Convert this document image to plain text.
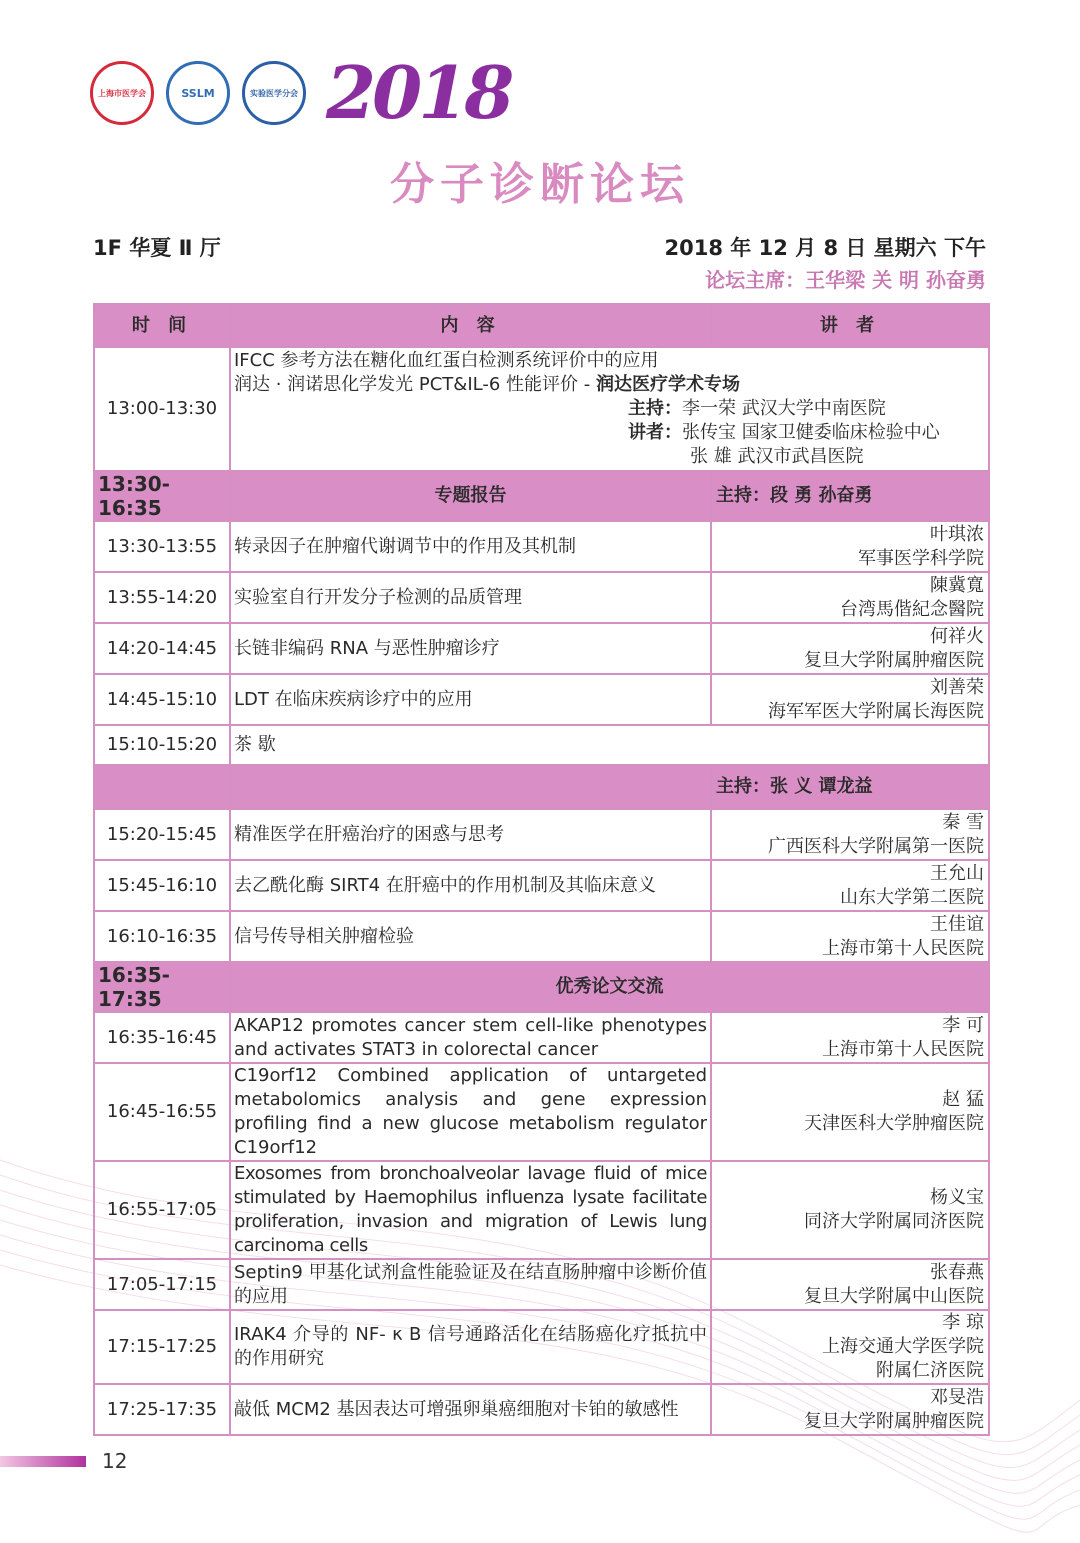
上海市医学会	SSLM	实验医学分会 2018
分子诊断论坛
1F 华夏 Ⅱ 厅	2018 年 12 月 8 日 星期六 下午
论坛主席：王华梁 关 明 孙奋勇
时 间	内 容	讲 者
13:00-13:30	IFCC 参考方法在糖化血红蛋白检测系统评价中的应用
润达 · 润诺思化学发光 PCT&IL-6 性能评价 - 润达医疗学术专场
主持：李一荣 武汉大学中南医院
讲者：张传宝 国家卫健委临床检验中心
张 雄 武汉市武昌医院	

13:30-16:35	专题报告	主持：段 勇 孙奋勇
13:30-13:55	转录因子在肿瘤代谢调节中的作用及其机制	叶琪浓
军事医学科学院

13:55-14:20	实验室自行开发分子检测的品质管理	陳冀寬
台湾馬偕紀念醫院

14:20-14:45	长链非编码 RNA 与恶性肿瘤诊疗	何祥火
复旦大学附属肿瘤医院

14:45-15:10	LDT 在临床疾病诊疗中的应用	刘善荣
海军军医大学附属长海医院

15:10-15:20	茶 歇	
		主持：张 义 谭龙益
15:20-15:45	精准医学在肝癌治疗的困惑与思考	秦 雪
广西医科大学附属第一医院

15:45-16:10	去乙酰化酶 SIRT4 在肝癌中的作用机制及其临床意义	王允山
山东大学第二医院

16:10-16:35	信号传导相关肿瘤检验	王佳谊
上海市第十人民医院

16:35-17:35	优秀论文交流	
16:35-16:45	AKAP12 promotes cancer stem cell-like phenotypes and activates STAT3 in colorectal cancer	李 可
上海市第十人民医院

16:45-16:55	C19orf12 Combined application of untargeted metabolomics analysis and gene expression profiling find a new glucose metabolism regulator C19orf12	赵 猛
天津医科大学肿瘤医院

16:55-17:05	Exosomes from bronchoalveolar lavage fluid of mice stimulated by Haemophilus influenza lysate facilitate proliferation, invasion and migration of Lewis lung carcinoma cells	杨义宝
同济大学附属同济医院

17:05-17:15	Septin9 甲基化试剂盒性能验证及在结直肠肿瘤中诊断价值的应用	张春燕
复旦大学附属中山医院

17:15-17:25	IRAK4 介导的 NF- κ B 信号通路活化在结肠癌化疗抵抗中的作用研究	李 琼
上海交通大学医学院
附属仁济医院

17:25-17:35	敲低 MCM2 基因表达可增强卵巢癌细胞对卡铂的敏感性	邓旻浩
复旦大学附属肿瘤医院
12
